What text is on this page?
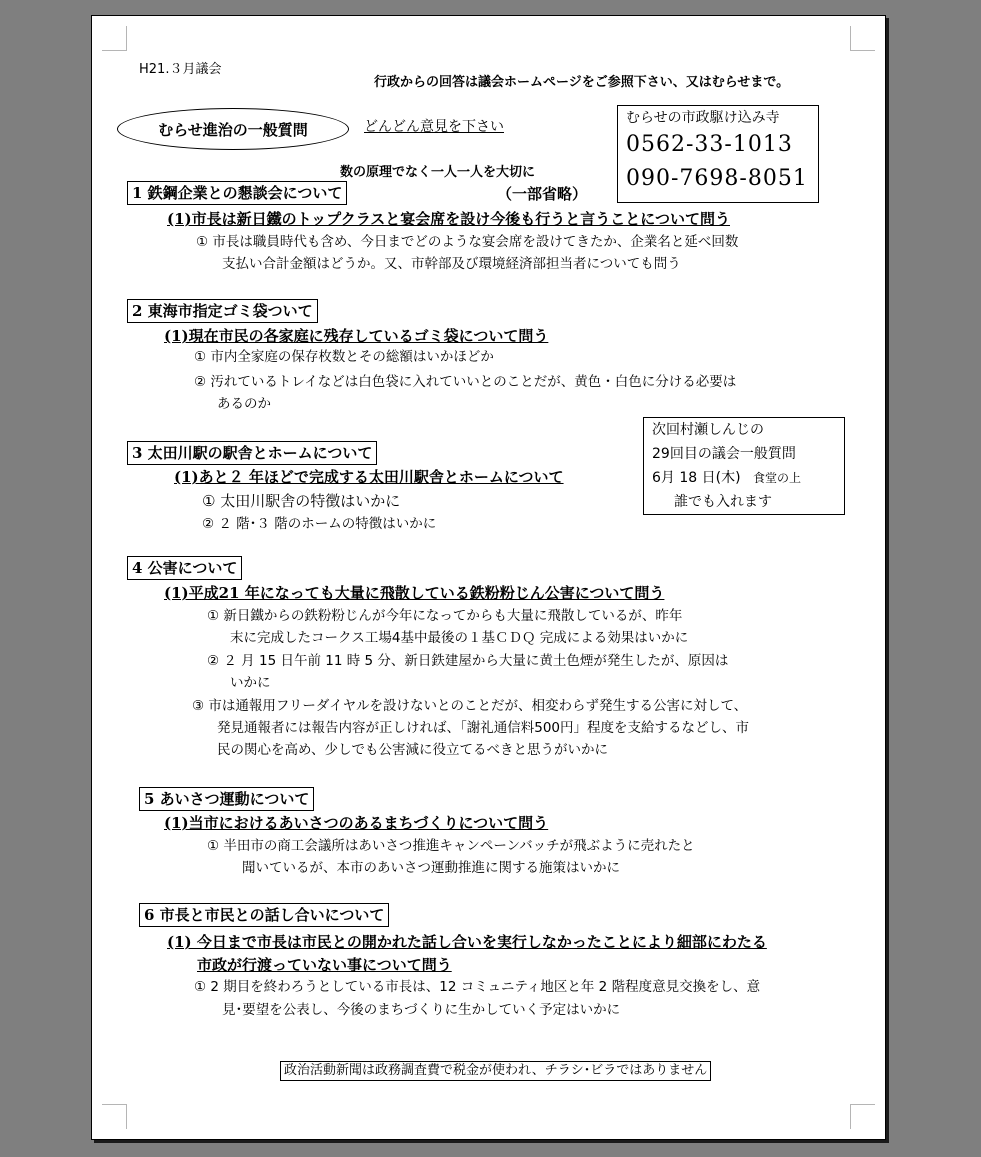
H21.３月議会
行政からの回答は議会ホームページをご参照下さい、又はむらせまで。
むらせ進治の一般質問	どんどん意見を下さい
むらせの市政駆け込み寺
0562-33-1013
090-7698-8051
数の原理でなく一人一人を大切に
1 鉄鋼企業との懇談会について	（一部省略）
(1)市長は新日鐵のトップクラスと宴会席を設け今後も行うと言うことについて問う
① 市長は職員時代も含め、今日までどのような宴会席を設けてきたか、企業名と延べ回数
支払い合計金額はどうか。又、市幹部及び環境経済部担当者についても問う
2 東海市指定ゴミ袋ついて
(1)現在市民の各家庭に残存しているゴミ袋について問う
① 市内全家庭の保存枚数とその総額はいかほどか
② 汚れているトレイなどは白色袋に入れていいとのことだが、黄色・白色に分ける必要は
あるのか
3 太田川駅の駅舎とホームについて
(1)あと２ 年ほどで完成する太田川駅舎とホームについて
① 太田川駅舎の特徴はいかに
② ２ 階･３ 階のホームの特徴はいかに
次回村瀬しんじの
29回目の議会一般質問
6月 18 日(木) 食堂の上
誰でも入れます
4 公害について
(1)平成21 年になっても大量に飛散している鉄粉粉じん公害について問う
① 新日鐵からの鉄粉粉じんが今年になってからも大量に飛散しているが、昨年
末に完成したコークス工場4基中最後の１基ＣＤＱ 完成による効果はいかに
② ２ 月 15 日午前 11 時 5 分、新日鉄建屋から大量に黄土色煙が発生したが、原因は
いかに
③ 市は通報用フリーダイヤルを設けないとのことだが、相変わらず発生する公害に対して、
発見通報者には報告内容が正しければ、「謝礼通信料500円」程度を支給するなどし、市
民の関心を高め、少しでも公害減に役立てるべきと思うがいかに
5 あいさつ運動について
(1)当市におけるあいさつのあるまちづくりについて問う
① 半田市の商工会議所はあいさつ推進キャンペーンバッチが飛ぶように売れたと
聞いているが、本市のあいさつ運動推進に関する施策はいかに
6 市長と市民との話し合いについて
(1) 今日まで市長は市民との開かれた話し合いを実行しなかったことにより細部にわたる
市政が行渡っていない事について問う
① 2 期目を終わろうとしている市長は、12 コミュニティ地区と年 2 階程度意見交換をし、意
見･要望を公表し、今後のまちづくりに生かしていく予定はいかに
政治活動新聞は政務調査費で税金が使われ、チラシ･ビラではありません
